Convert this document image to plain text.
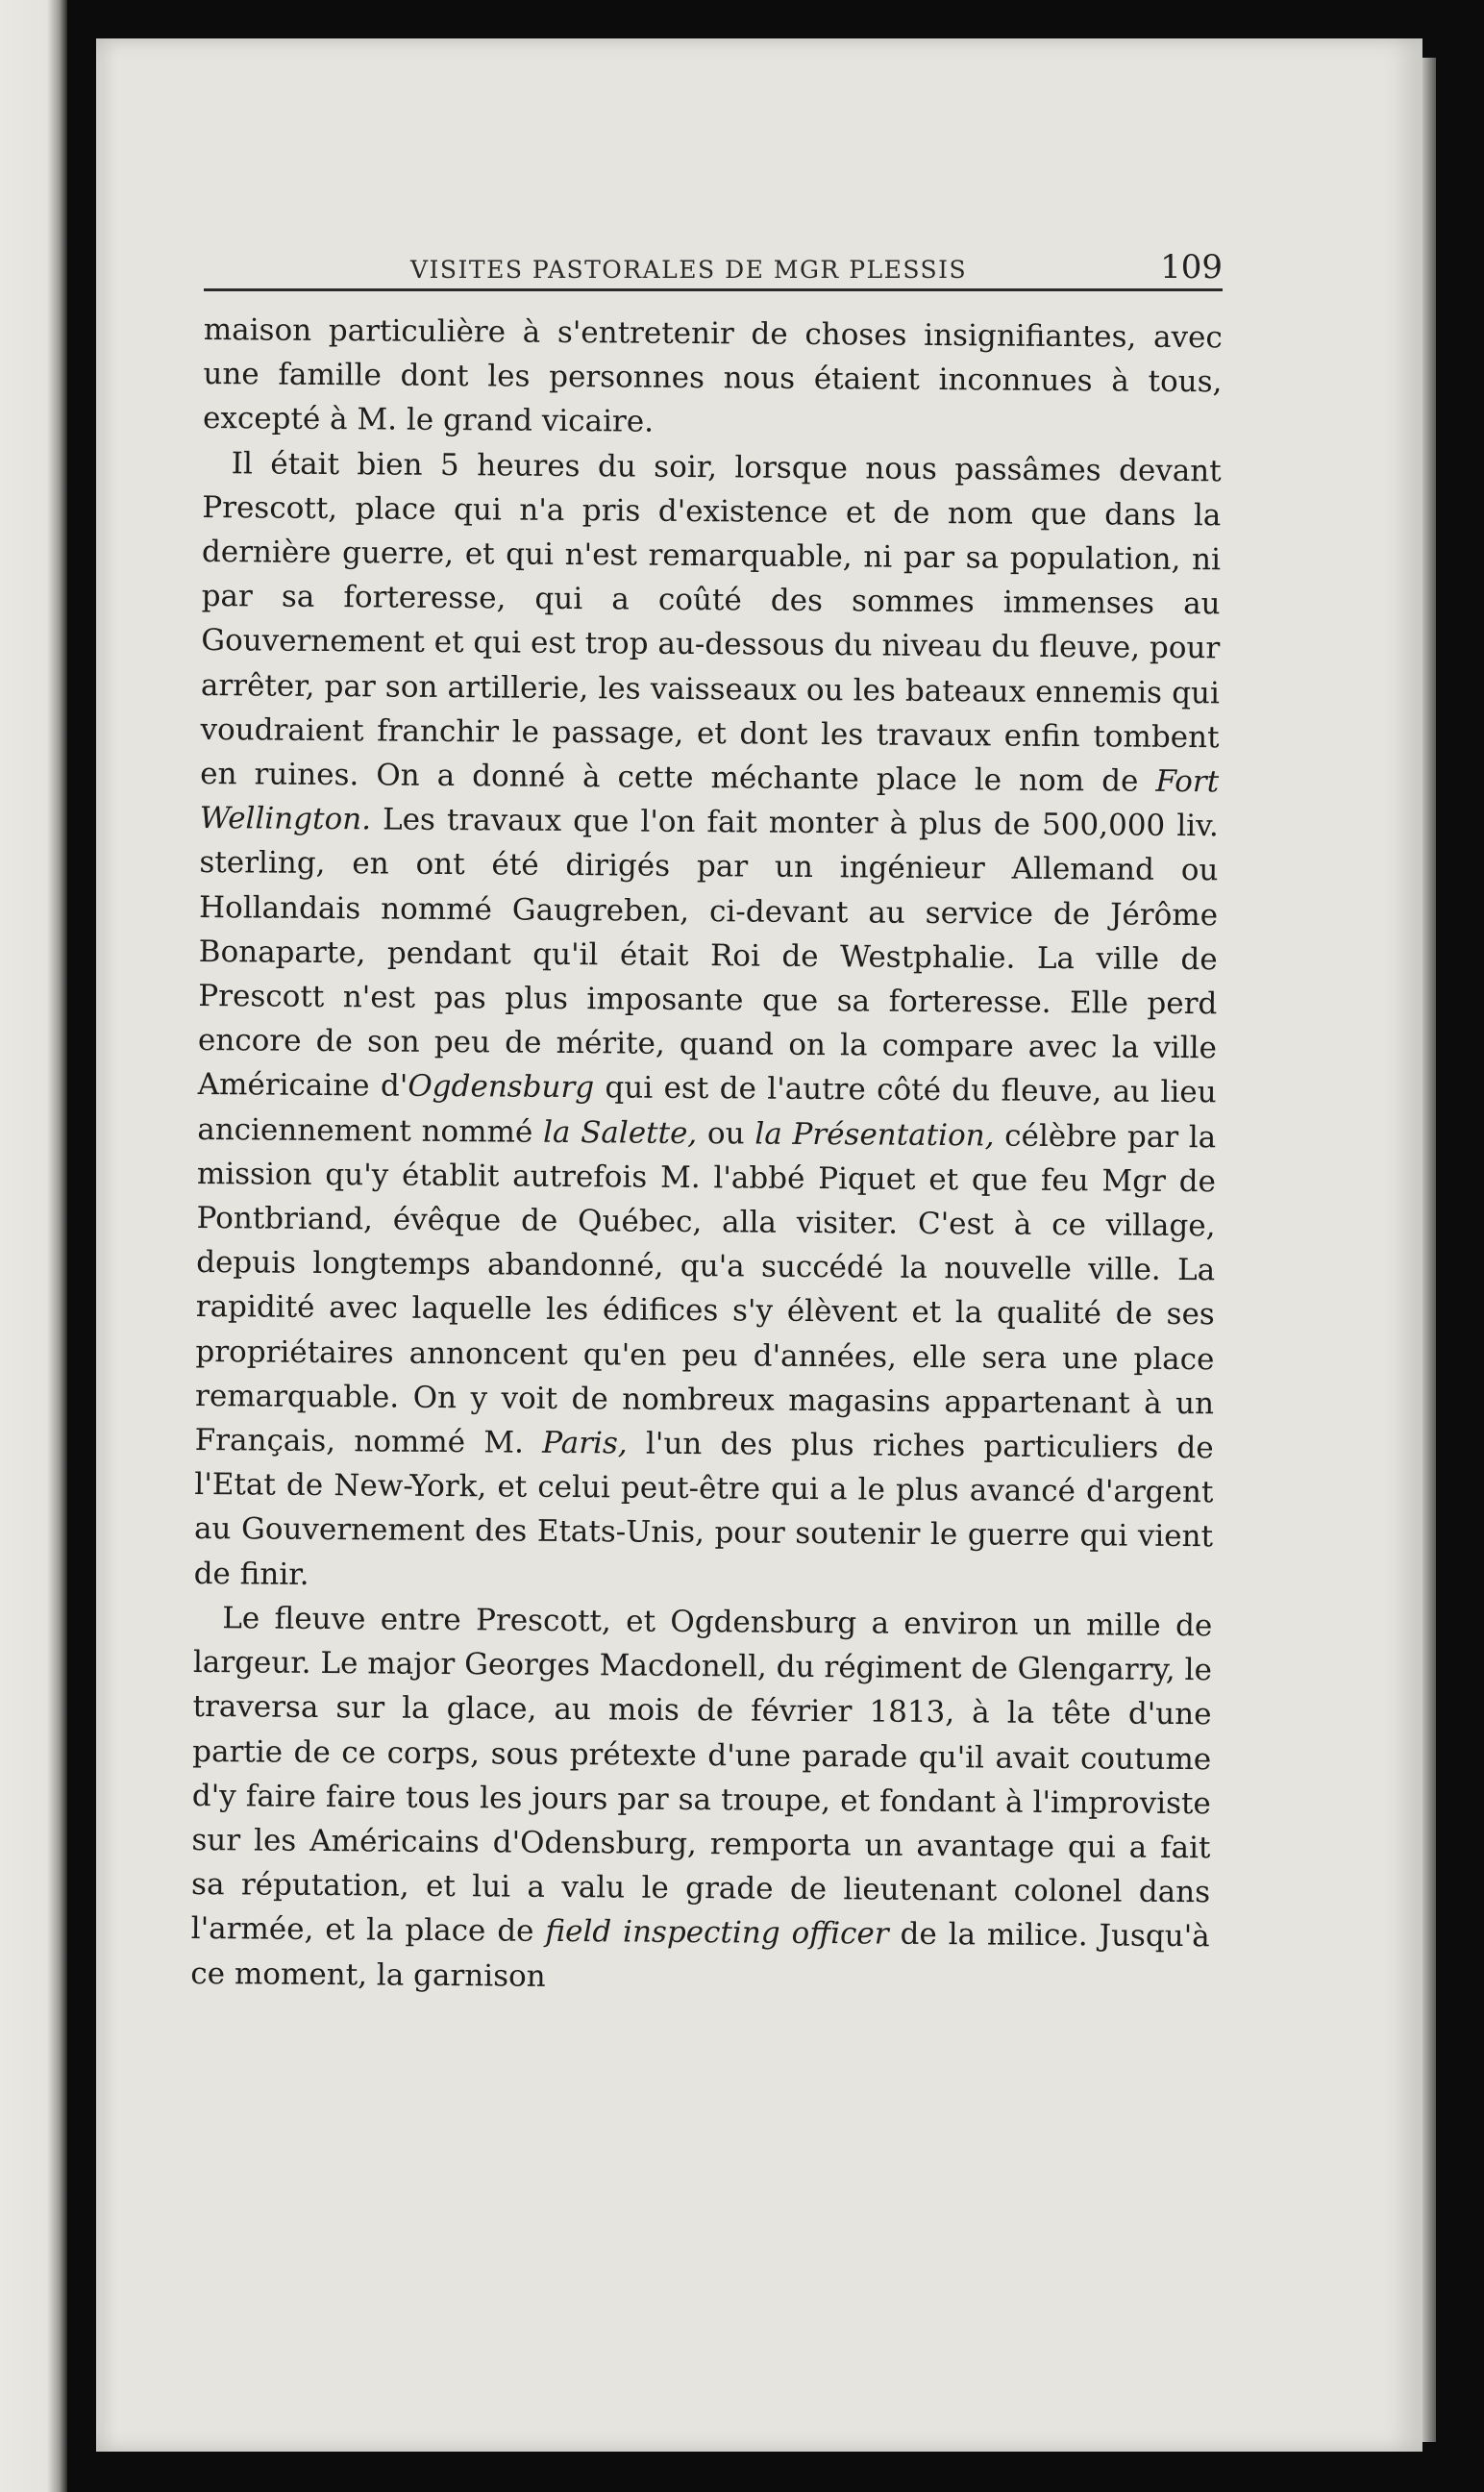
VISITES PASTORALES DE MGR PLESSIS	109

maison particulière à s'entretenir de choses insignifiantes, avec une famille dont les personnes nous étaient inconnues à tous, excepté à M. le grand vicaire.

Il était bien 5 heures du soir, lorsque nous passâmes devant Prescott, place qui n'a pris d'existence et de nom que dans la dernière guerre, et qui n'est remarquable, ni par sa population, ni par sa forteresse, qui a coûté des sommes immenses au Gouvernement et qui est trop au-dessous du niveau du fleuve, pour arrêter, par son artillerie, les vaisseaux ou les bateaux ennemis qui voudraient franchir le passage, et dont les travaux enfin tombent en ruines. On a donné à cette méchante place le nom de Fort Wellington. Les travaux que l'on fait monter à plus de 500,000 liv. sterling, en ont été dirigés par un ingénieur Allemand ou Hollandais nommé Gaugreben, ci-devant au service de Jérôme Bonaparte, pendant qu'il était Roi de Westphalie. La ville de Prescott n'est pas plus imposante que sa forteresse. Elle perd encore de son peu de mérite, quand on la compare avec la ville Américaine d'Ogdensburg qui est de l'autre côté du fleuve, au lieu anciennement nommé la Salette, ou la Présentation, célèbre par la mission qu'y établit autrefois M. l'abbé Piquet et que feu Mgr de Pontbriand, évêque de Québec, alla visiter. C'est à ce village, depuis longtemps abandonné, qu'a succédé la nouvelle ville. La rapidité avec laquelle les édifices s'y élèvent et la qualité de ses propriétaires annoncent qu'en peu d'années, elle sera une place remarquable. On y voit de nombreux magasins appartenant à un Français, nommé M. Paris, l'un des plus riches particuliers de l'Etat de New-York, et celui peut-être qui a le plus avancé d'argent au Gouvernement des Etats-Unis, pour soutenir le guerre qui vient de finir.

Le fleuve entre Prescott, et Ogdensburg a environ un mille de largeur. Le major Georges Macdonell, du régiment de Glengarry, le traversa sur la glace, au mois de février 1813, à la tête d'une partie de ce corps, sous prétexte d'une parade qu'il avait coutume d'y faire faire tous les jours par sa troupe, et fondant à l'improviste sur les Américains d'Odensburg, remporta un avantage qui a fait sa réputation, et lui a valu le grade de lieutenant colonel dans l'armée, et la place de field inspecting officer de la milice. Jusqu'à ce moment, la garnison
